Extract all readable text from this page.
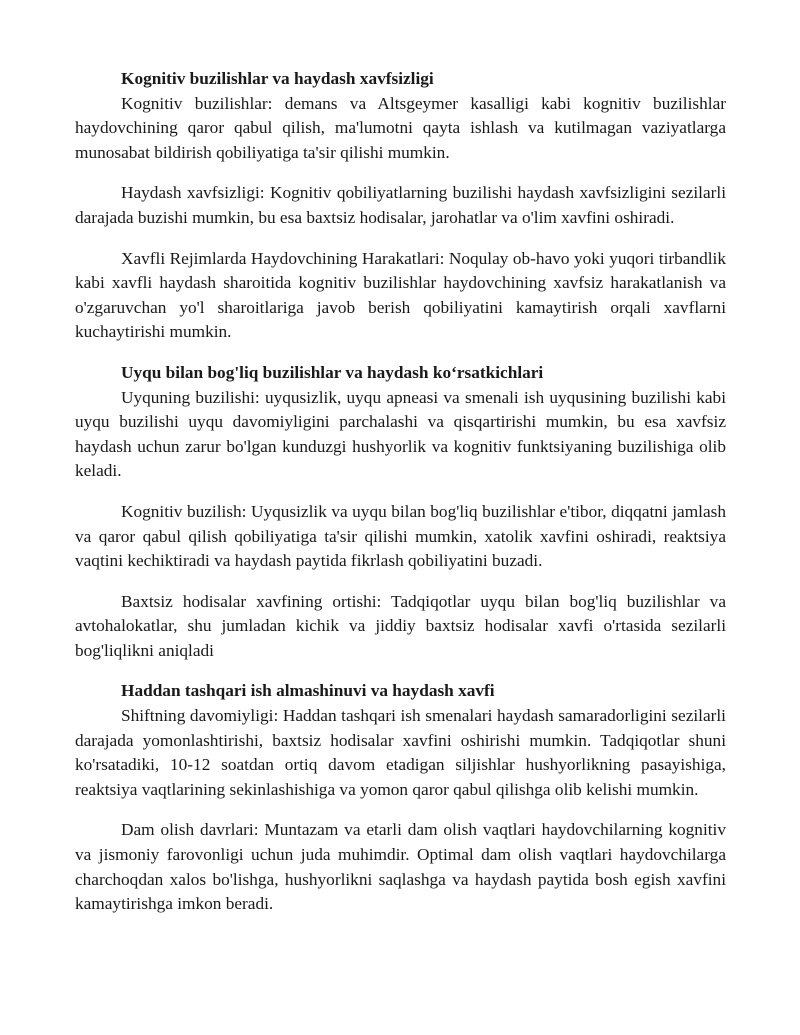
Kognitiv buzilishlar va haydash xavfsizligi

Kognitiv buzilishlar: demans va Altsgeymer kasalligi kabi kognitiv buzilishlar haydovchining qaror qabul qilish, ma'lumotni qayta ishlash va kutilmagan vaziyatlarga munosabat bildirish qobiliyatiga ta'sir qilishi mumkin.

Haydash xavfsizligi: Kognitiv qobiliyatlarning buzilishi haydash xavfsizligini sezilarli darajada buzishi mumkin, bu esa baxtsiz hodisalar, jarohatlar va o'lim xavfini oshiradi.

Xavfli Rejimlarda Haydovchining Harakatlari: Noqulay ob-havo yoki yuqori tirbandlik kabi xavfli haydash sharoitida kognitiv buzilishlar haydovchining xavfsiz harakatlanish va o'zgaruvchan yo'l sharoitlariga javob berish qobiliyatini kamaytirish orqali xavflarni kuchaytirishi mumkin.

Uyqu bilan bog'liq buzilishlar va haydash koʻrsatkichlari

Uyquning buzilishi: uyqusizlik, uyqu apneasi va smenali ish uyqusining buzilishi kabi uyqu buzilishi uyqu davomiyligini parchalashi va qisqartirishi mumkin, bu esa xavfsiz haydash uchun zarur bo'lgan kunduzgi hushyorlik va kognitiv funktsiyaning buzilishiga olib keladi.

Kognitiv buzilish: Uyqusizlik va uyqu bilan bog'liq buzilishlar e'tibor, diqqatni jamlash va qaror qabul qilish qobiliyatiga ta'sir qilishi mumkin, xatolik xavfini oshiradi, reaktsiya vaqtini kechiktiradi va haydash paytida fikrlash qobiliyatini buzadi.

Baxtsiz hodisalar xavfining ortishi: Tadqiqotlar uyqu bilan bog'liq buzilishlar va avtohalokatlar, shu jumladan kichik va jiddiy baxtsiz hodisalar xavfi o'rtasida sezilarli bog'liqlikni aniqladi

Haddan tashqari ish almashinuvi va haydash xavfi

Shiftning davomiyligi: Haddan tashqari ish smenalari haydash samaradorligini sezilarli darajada yomonlashtirishi, baxtsiz hodisalar xavfini oshirishi mumkin. Tadqiqotlar shuni ko'rsatadiki, 10-12 soatdan ortiq davom etadigan siljishlar hushyorlikning pasayishiga, reaktsiya vaqtlarining sekinlashishiga va yomon qaror qabul qilishga olib kelishi mumkin.

Dam olish davrlari: Muntazam va etarli dam olish vaqtlari haydovchilarning kognitiv va jismoniy farovonligi uchun juda muhimdir. Optimal dam olish vaqtlari haydovchilarga charchoqdan xalos bo'lishga, hushyorlikni saqlashga va haydash paytida bosh egish xavfini kamaytirishga imkon beradi.
